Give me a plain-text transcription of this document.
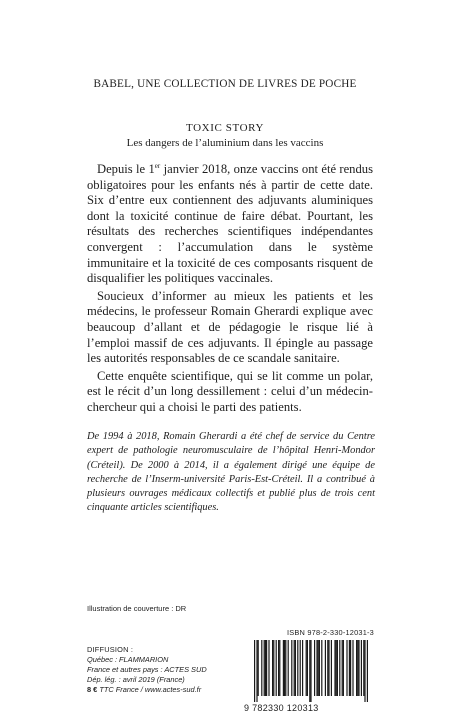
BABEL, UNE COLLECTION DE LIVRES DE POCHE
TOXIC STORY
Les dangers de l’aluminium dans les vaccins

Depuis le 1er janvier 2018, onze vaccins ont été rendus obligatoires pour les enfants nés à partir de cette date. Six d’entre eux contiennent des adjuvants aluminiques dont la toxicité continue de faire débat. Pourtant, les résultats des recherches scientifiques indépendantes convergent : l’accumulation dans le système immunitaire et la toxicité de ces composants risquent de disqualifier les politiques vaccinales.

Soucieux d’informer au mieux les patients et les médecins, le professeur Romain Gherardi explique avec beaucoup d’allant et de pédagogie le risque lié à l’emploi massif de ces adjuvants. Il épingle au passage les autorités responsables de ce scandale sanitaire.

Cette enquête scientifique, qui se lit comme un polar, est le récit d’un long dessillement : celui d’un médecin-chercheur qui a choisi le parti des patients.

De 1994 à 2018, Romain Gherardi a été chef de service du Centre expert de pathologie neuromusculaire de l’hôpital Henri-Mondor (Créteil). De 2000 à 2014, il a également dirigé une équipe de recherche de l’Inserm-université Paris-Est-Créteil. Il a contribué à plusieurs ouvrages médicaux collectifs et publié plus de trois cent cinquante articles scientifiques.
Illustration de couverture : DR
ISBN 978-2-330-12031-3
DIFFUSION :
Québec : FLAMMARION
France et autres pays : ACTES SUD
Dép. lég. : avril 2019 (France)
8 € TTC France / www.actes-sud.fr
9 782330 120313
